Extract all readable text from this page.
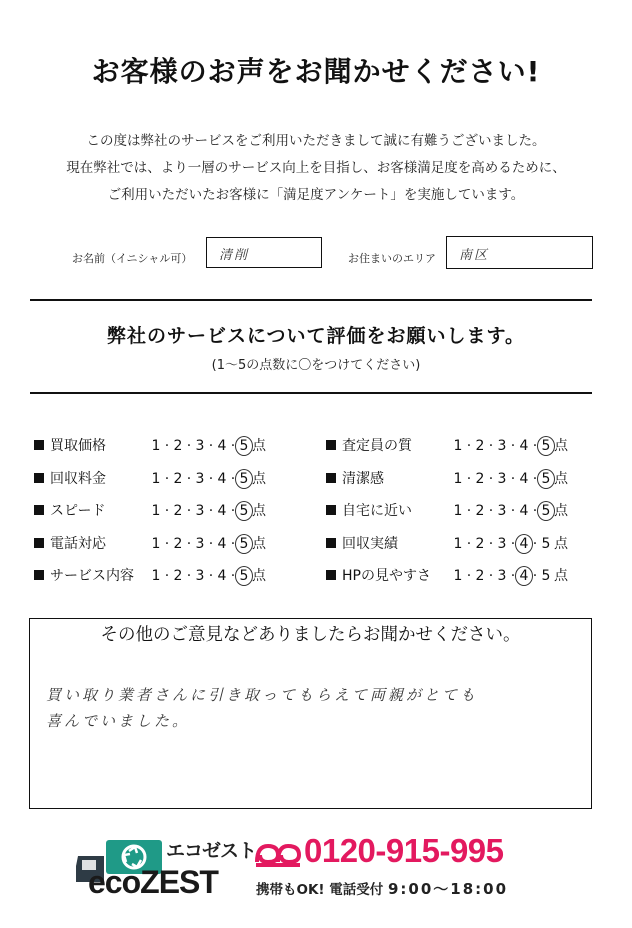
お客様のお声をお聞かせください!
この度は弊社のサービスをご利用いただきまして誠に有難うございました。
現在弊社では、より一層のサービス向上を目指し、お客様満足度を高めるために、
ご利用いただいたお客様に「満足度アンケート」を実施しています。
お名前（イニシャル可） 清削	お住まいのエリア 南区
弊社のサービスについて評価をお願いします。
(1〜5の点数に〇をつけてください)
買取価格	1 · 2 · 3 · 4 · 5 点
回収料金	1 · 2 · 3 · 4 · 5 点
スピード	1 · 2 · 3 · 4 · 5 点
電話対応	1 · 2 · 3 · 4 · 5 点
サービス内容 1 · 2 · 3 · 4 · 5 点
査定員の質	1 · 2 · 3 · 4 · 5 点
清潔感	1 · 2 · 3 · 4 · 5 点
自宅に近い	1 · 2 · 3 · 4 · 5 点
回収実績	1 · 2 · 3 · 4 · 5 点
HPの見やすさ 1 · 2 · 3 · 4 · 5 点
その他のご意見などありましたらお聞かせください。
買い取り業者さんに引き取ってもらえて両親がとても
喜んでいました。
エコゼスト
ecoZEST
0120-915-995
携帯もOK! 電話受付 9:00〜18:00
